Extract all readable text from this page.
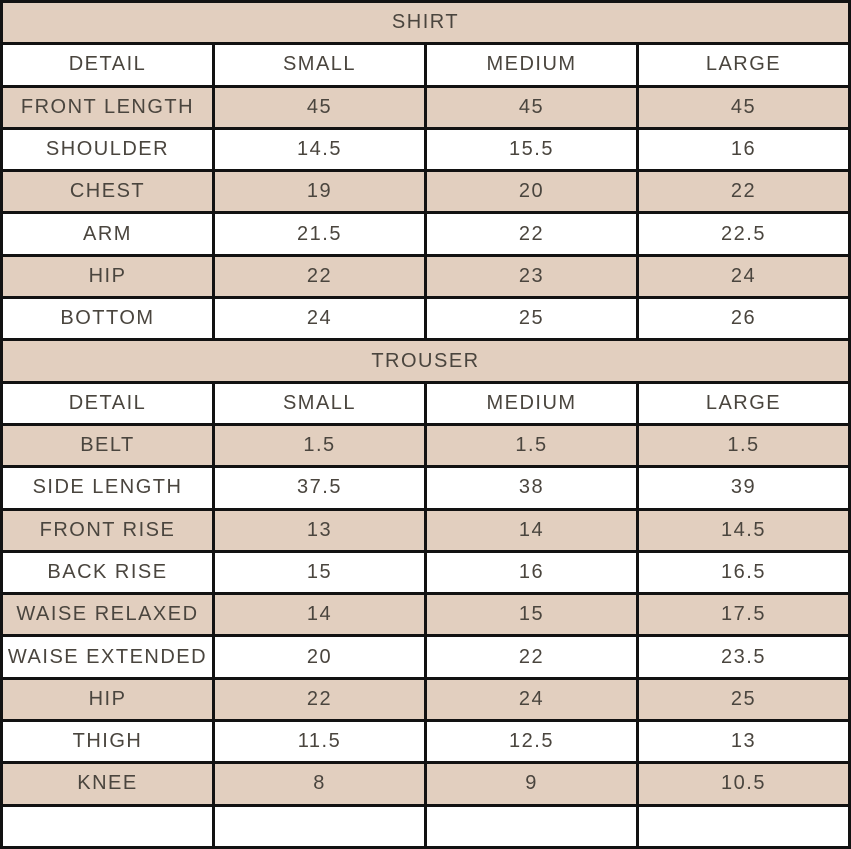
SHIRT			
DETAIL	SMALL	MEDIUM	LARGE
FRONT LENGTH	45	45	45
SHOULDER	14.5	15.5	16
CHEST	19	20	22
ARM	21.5	22	22.5
HIP	22	23	24
BOTTOM	24	25	26
TROUSER			
DETAIL	SMALL	MEDIUM	LARGE
BELT	1.5	1.5	1.5
SIDE LENGTH	37.5	38	39
FRONT RISE	13	14	14.5
BACK RISE	15	16	16.5
WAISE RELAXED	14	15	17.5
WAISE EXTENDED	20	22	23.5
HIP	22	24	25
THIGH	11.5	12.5	13
KNEE	8	9	10.5
